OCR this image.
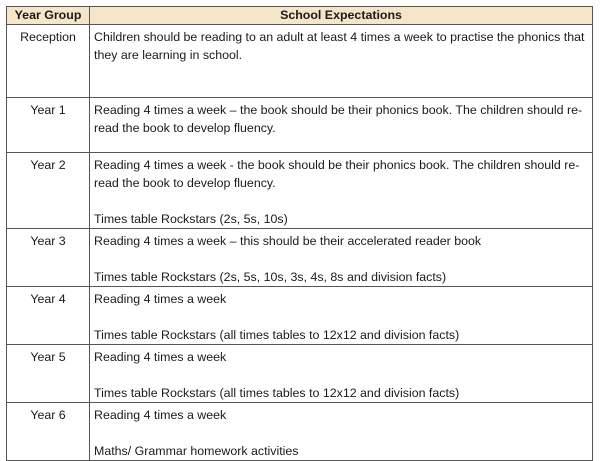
Year Group	School Expectations
Reception	Children should be reading to an adult at least 4 times a week to practise the phonics that they are learning in school.

Year 1	Reading 4 times a week – the book should be their phonics book. The children should re-read the book to develop fluency.

Year 2	Reading 4 times a week - the book should be their phonics book. The children should re-read the book to develop fluency.
Times table Rockstars (2s, 5s, 10s)

Year 3	Reading 4 times a week – this should be their accelerated reader book
Times table Rockstars (2s, 5s, 10s, 3s, 4s, 8s and division facts)

Year 4	Reading 4 times a week
Times table Rockstars (all times tables to 12x12 and division facts)

Year 5	Reading 4 times a week
Times table Rockstars (all times tables to 12x12 and division facts)

Year 6	Reading 4 times a week
Maths/ Grammar homework activities
